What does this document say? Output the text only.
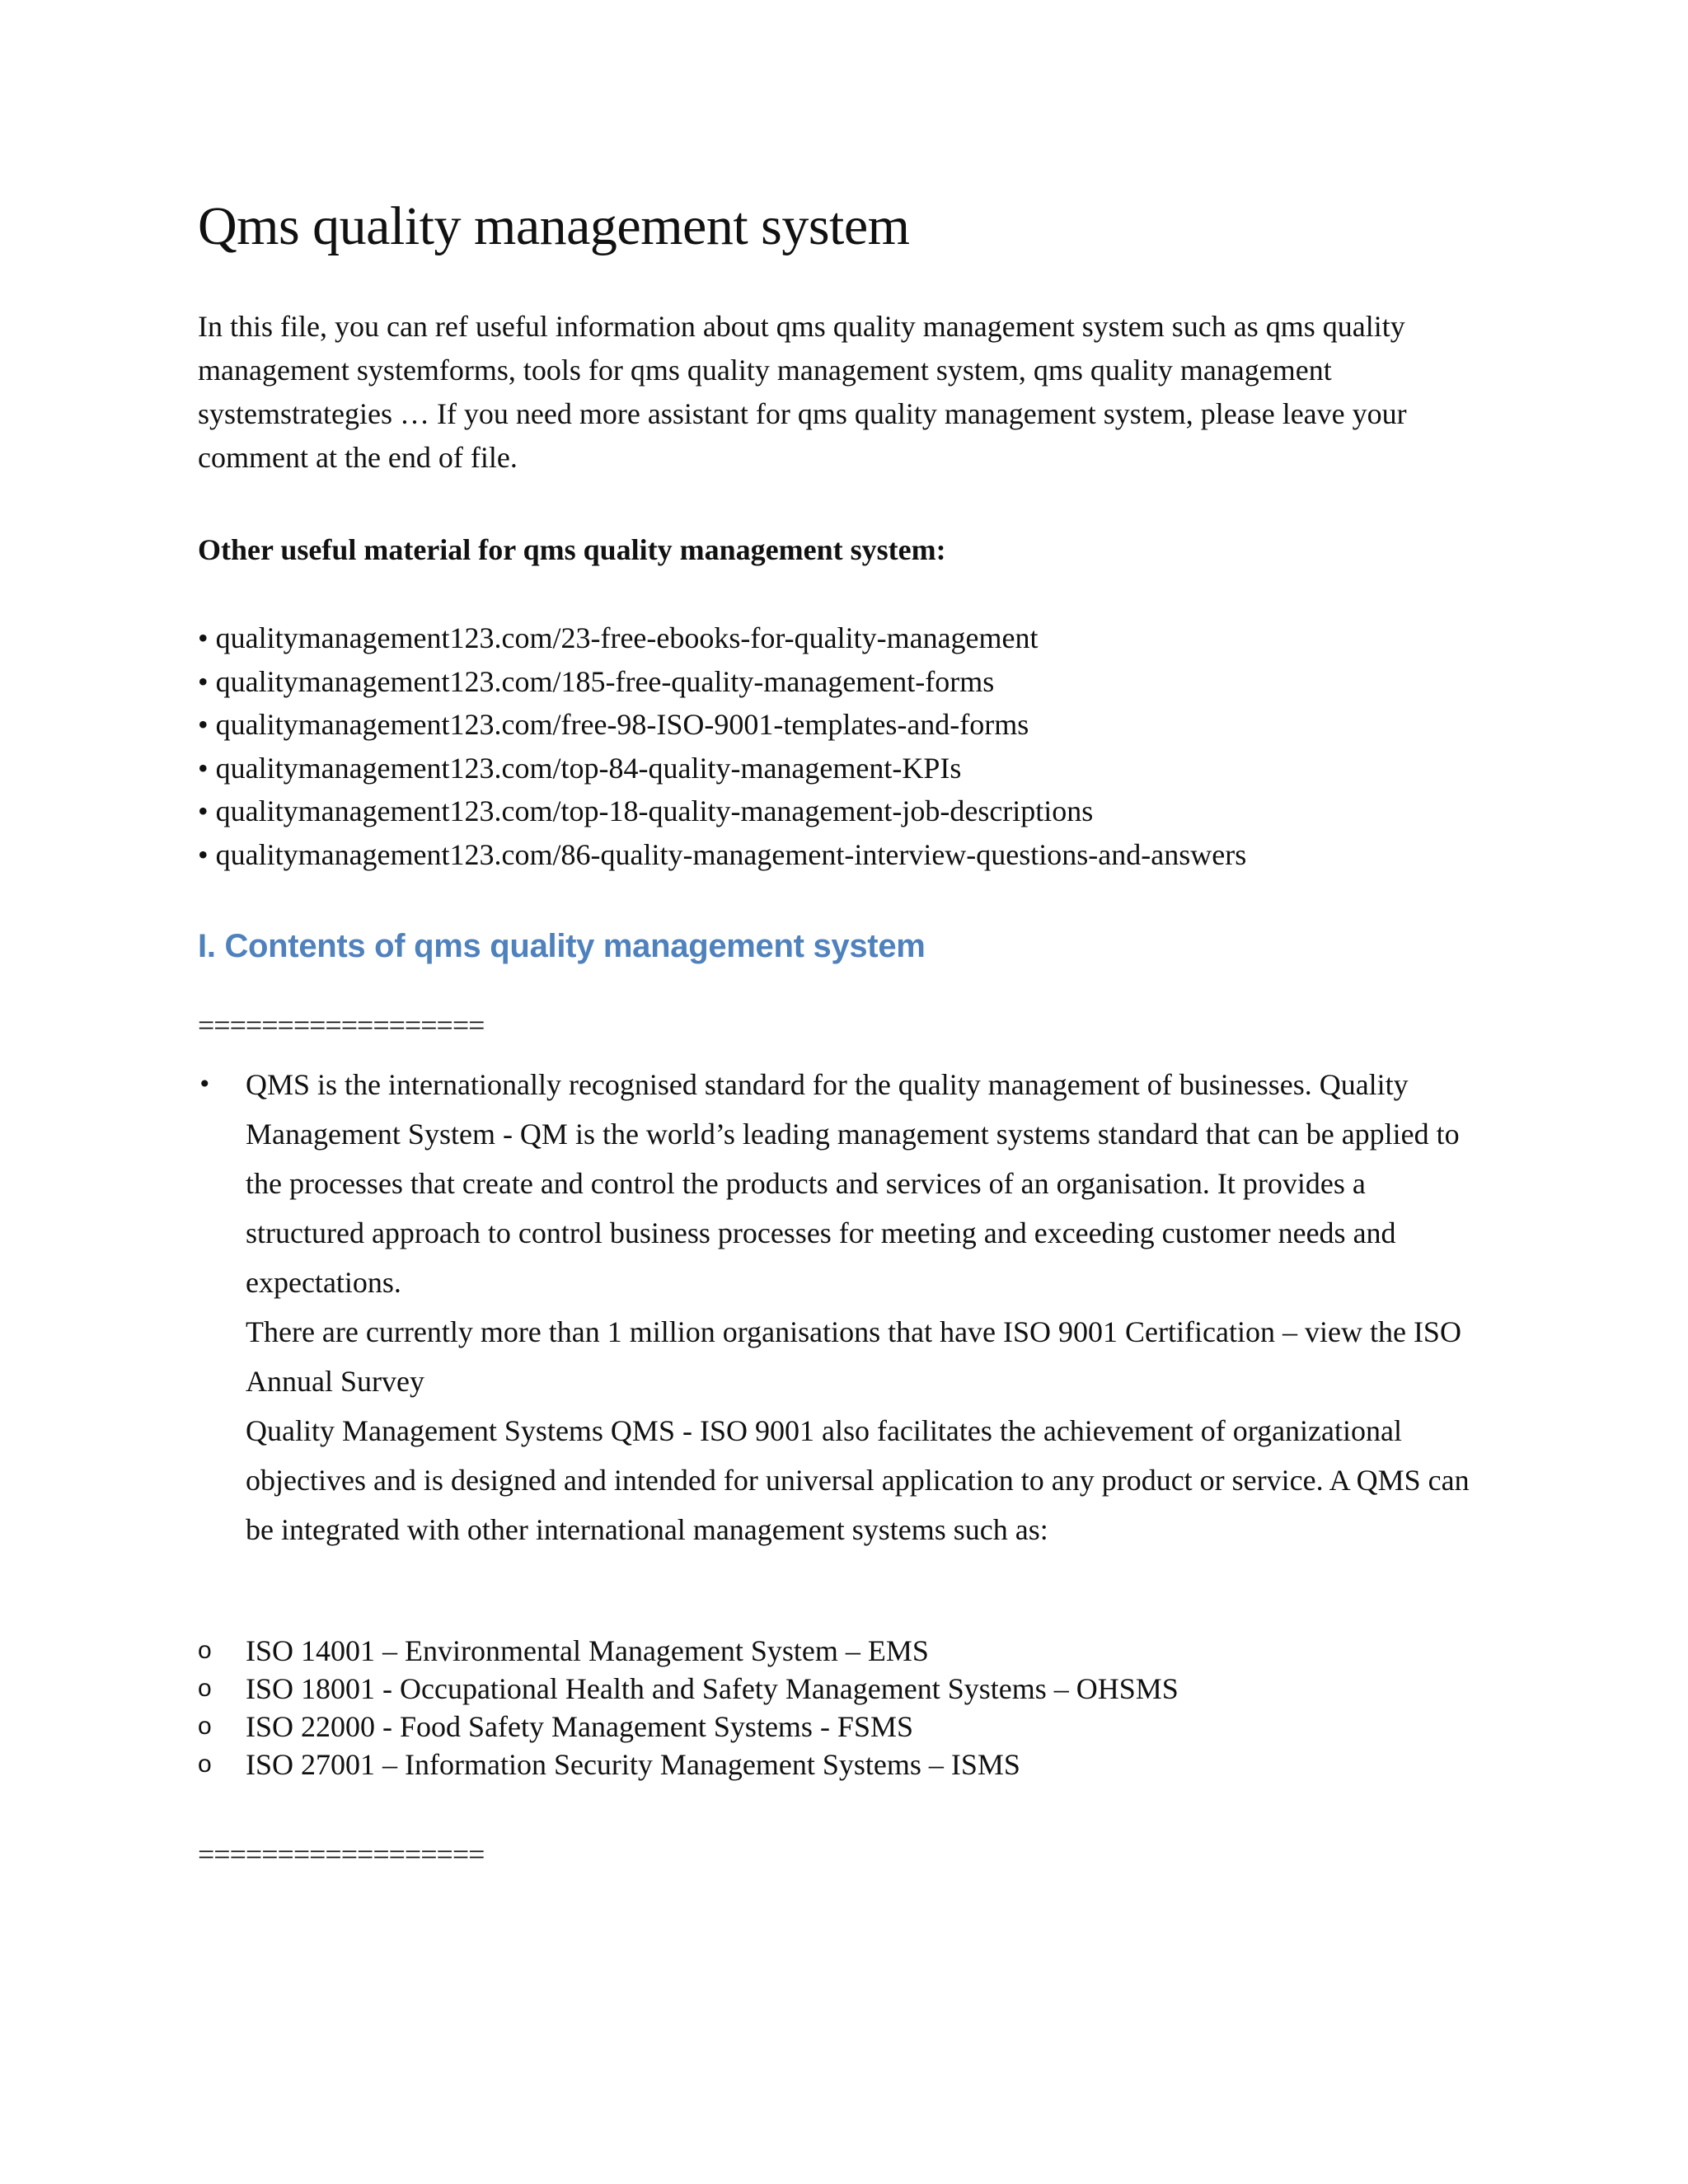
Qms quality management system

In this file, you can ref useful information about qms quality management system such as qms quality management systemforms, tools for qms quality management system, qms quality management systemstrategies … If you need more assistant for qms quality management system, please leave your comment at the end of file.

Other useful material for qms quality management system:

• qualitymanagement123.com/23-free-ebooks-for-quality-management
• qualitymanagement123.com/185-free-quality-management-forms
• qualitymanagement123.com/free-98-ISO-9001-templates-and-forms
• qualitymanagement123.com/top-84-quality-management-KPIs
• qualitymanagement123.com/top-18-quality-management-job-descriptions
• qualitymanagement123.com/86-quality-management-interview-questions-and-answers
I. Contents of qms quality management system

==================

•	QMS is the internationally recognised standard for the quality management of businesses. Quality Management System - QM is the world’s leading management systems standard that can be applied to the processes that create and control the products and services of an organisation. It provides a structured approach to control business processes for meeting and exceeding customer needs and expectations.

There are currently more than 1 million organisations that have ISO 9001 Certification – view the ISO Annual Survey

Quality Management Systems QMS - ISO 9001 also facilitates the achievement of organizational objectives and is designed and intended for universal application to any product or service. A QMS can be integrated with other international management systems such as:

o ISO 14001 – Environmental Management System – EMS
o ISO 18001 - Occupational Health and Safety Management Systems – OHSMS
o ISO 22000 - Food Safety Management Systems - FSMS
o ISO 27001 – Information Security Management Systems – ISMS

==================
